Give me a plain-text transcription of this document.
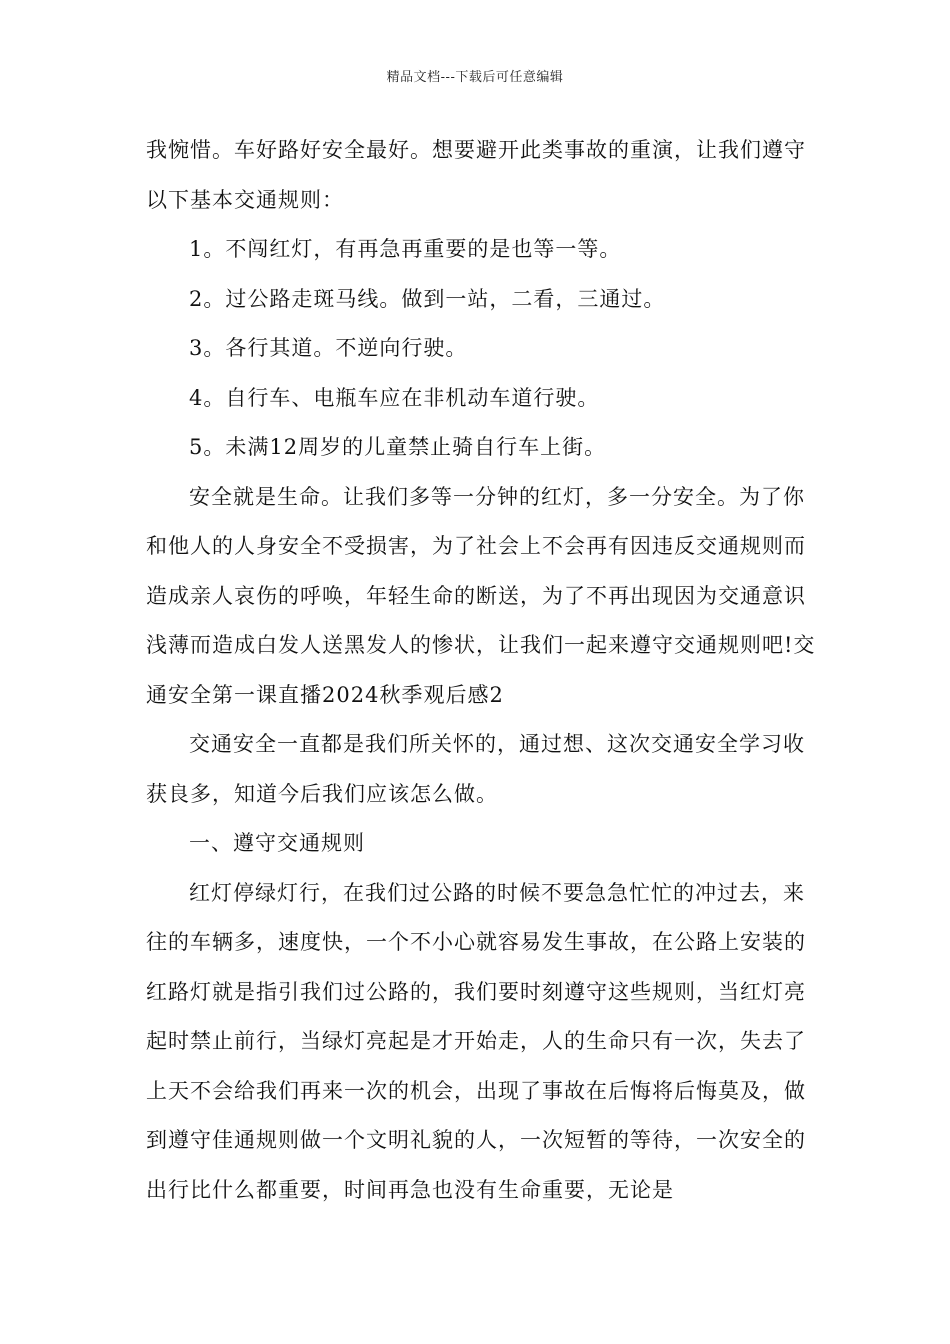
精品文档---下载后可任意编辑

我惋惜。车好路好安全最好。想要避开此类事故的重演，让我们遵守以下基本交通规则：

1。不闯红灯，有再急再重要的是也等一等。

2。过公路走斑马线。做到一站，二看，三通过。

3。各行其道。不逆向行驶。

4。自行车、电瓶车应在非机动车道行驶。

5。未满12周岁的儿童禁止骑自行车上街。

安全就是生命。让我们多等一分钟的红灯，多一分安全。为了你和他人的人身安全不受损害，为了社会上不会再有因违反交通规则而造成亲人哀伤的呼唤，年轻生命的断送，为了不再出现因为交通意识浅薄而造成白发人送黑发人的惨状，让我们一起来遵守交通规则吧!交通安全第一课直播2024秋季观后感2

交通安全一直都是我们所关怀的，通过想、这次交通安全学习收获良多，知道今后我们应该怎么做。

一、遵守交通规则

红灯停绿灯行，在我们过公路的时候不要急急忙忙的冲过去，来往的车辆多，速度快，一个不小心就容易发生事故，在公路上安装的红路灯就是指引我们过公路的，我们要时刻遵守这些规则，当红灯亮起时禁止前行，当绿灯亮起是才开始走，人的生命只有一次，失去了上天不会给我们再来一次的机会，出现了事故在后悔将后悔莫及，做到遵守佳通规则做一个文明礼貌的人，一次短暂的等待，一次安全的出行比什么都重要，时间再急也没有生命重要，无论是
